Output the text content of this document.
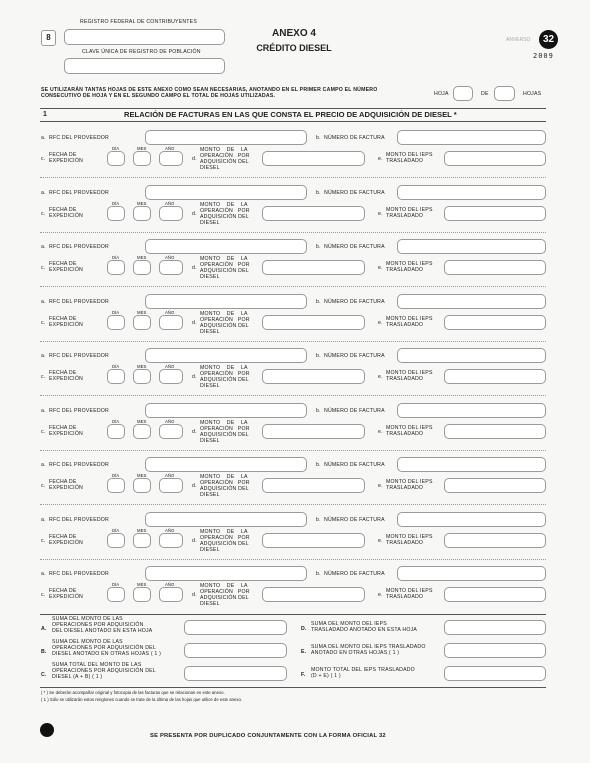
8
REGISTRO FEDERAL DE CONTRIBUYENTES
CLAVE ÚNICA DE REGISTRO DE POBLACIÓN
ANEXO 4
CRÉDITO DIESEL
ANVERSO	32
2009
SE UTILIZARÁN TANTAS HOJAS DE ESTE ANEXO COMO SEAN NECESARIAS, ANOTANDO EN EL PRIMER CAMPO EL NÚMERO
CONSECUTIVO DE HOJA Y EN EL SEGUNDO CAMPO EL TOTAL DE HOJAS UTILIZADAS.	HOJA	DE	HOJAS
1	RELACIÓN DE FACTURAS EN LAS QUE CONSTA EL PRECIO DE ADQUISICIÓN DE DIESEL *
a. RFC DEL PROVEEDOR	b. NÚMERO DE FACTURA
c.
FECHA DE
EXPEDICIÓN
DÍA	MES	AÑO
d.
MONTO    DE    LA
OPERACIÓN   POR
ADQUISICIÓN DEL
DIESEL
e.
MONTO DEL IEPS
TRASLADADO
a. RFC DEL PROVEEDOR	b. NÚMERO DE FACTURA
c.
FECHA DE
EXPEDICIÓN
DÍA	MES	AÑO
d.
MONTO    DE    LA
OPERACIÓN   POR
ADQUISICIÓN DEL
DIESEL
e.
MONTO DEL IEPS
TRASLADADO
a. RFC DEL PROVEEDOR	b. NÚMERO DE FACTURA
c.
FECHA DE
EXPEDICIÓN
DÍA	MES	AÑO
d.
MONTO    DE    LA
OPERACIÓN   POR
ADQUISICIÓN DEL
DIESEL
e.
MONTO DEL IEPS
TRASLADADO
a. RFC DEL PROVEEDOR	b. NÚMERO DE FACTURA
c.
FECHA DE
EXPEDICIÓN
DÍA	MES	AÑO
d.
MONTO    DE    LA
OPERACIÓN   POR
ADQUISICIÓN DEL
DIESEL
e.
MONTO DEL IEPS
TRASLADADO
a. RFC DEL PROVEEDOR	b. NÚMERO DE FACTURA
c.
FECHA DE
EXPEDICIÓN
DÍA	MES	AÑO
d.
MONTO    DE    LA
OPERACIÓN   POR
ADQUISICIÓN DEL
DIESEL
e.
MONTO DEL IEPS
TRASLADADO
a. RFC DEL PROVEEDOR	b. NÚMERO DE FACTURA
c.
FECHA DE
EXPEDICIÓN
DÍA	MES	AÑO
d.
MONTO    DE    LA
OPERACIÓN   POR
ADQUISICIÓN DEL
DIESEL
e.
MONTO DEL IEPS
TRASLADADO
a. RFC DEL PROVEEDOR	b. NÚMERO DE FACTURA
c.
FECHA DE
EXPEDICIÓN
DÍA	MES	AÑO
d.
MONTO    DE    LA
OPERACIÓN   POR
ADQUISICIÓN DEL
DIESEL
e.
MONTO DEL IEPS
TRASLADADO
a. RFC DEL PROVEEDOR	b. NÚMERO DE FACTURA
c.
FECHA DE
EXPEDICIÓN
DÍA	MES	AÑO
d.
MONTO    DE    LA
OPERACIÓN   POR
ADQUISICIÓN DEL
DIESEL
e.
MONTO DEL IEPS
TRASLADADO
a. RFC DEL PROVEEDOR	b. NÚMERO DE FACTURA
c.
FECHA DE
EXPEDICIÓN
DÍA	MES	AÑO
d.
MONTO    DE    LA
OPERACIÓN   POR
ADQUISICIÓN DEL
DIESEL
e.
MONTO DEL IEPS
TRASLADADO
A.
SUMA DEL MONTO DE LAS
OPERACIONES POR ADQUISICIÓN
DEL DIESEL ANOTADO EN ESTA HOJA
B.
SUMA DEL MONTO DE LAS
OPERACIONES POR ADQUISICIÓN DEL
DIESEL ANOTADO EN OTRAS HOJAS ( 1 )
C.
SUMA TOTAL DEL MONTO DE LAS
OPERACIONES POR ADQUISICIÓN DEL
DIESEL (A + B) ( 1 )
D.
SUMA DEL MONTO DEL IEPS
TRASLADADO ANOTADO EN ESTA HOJA
E.
SUMA DEL MONTO DEL IEPS TRASLADADO
ANOTADO EN OTRAS HOJAS ( 1 )
F.
MONTO TOTAL DEL IEPS TRASLADADO
(D + E) ( 1 )
( * ) Se deberán acompañar original y fotocopia de las facturas que se relacionan en este anexo.
( 1 ) Sólo se utilizarán estos renglones cuando se trate de la última de las hojas que utilice de este anexo.
SE PRESENTA POR DUPLICADO CONJUNTAMENTE CON LA FORMA OFICIAL 32
